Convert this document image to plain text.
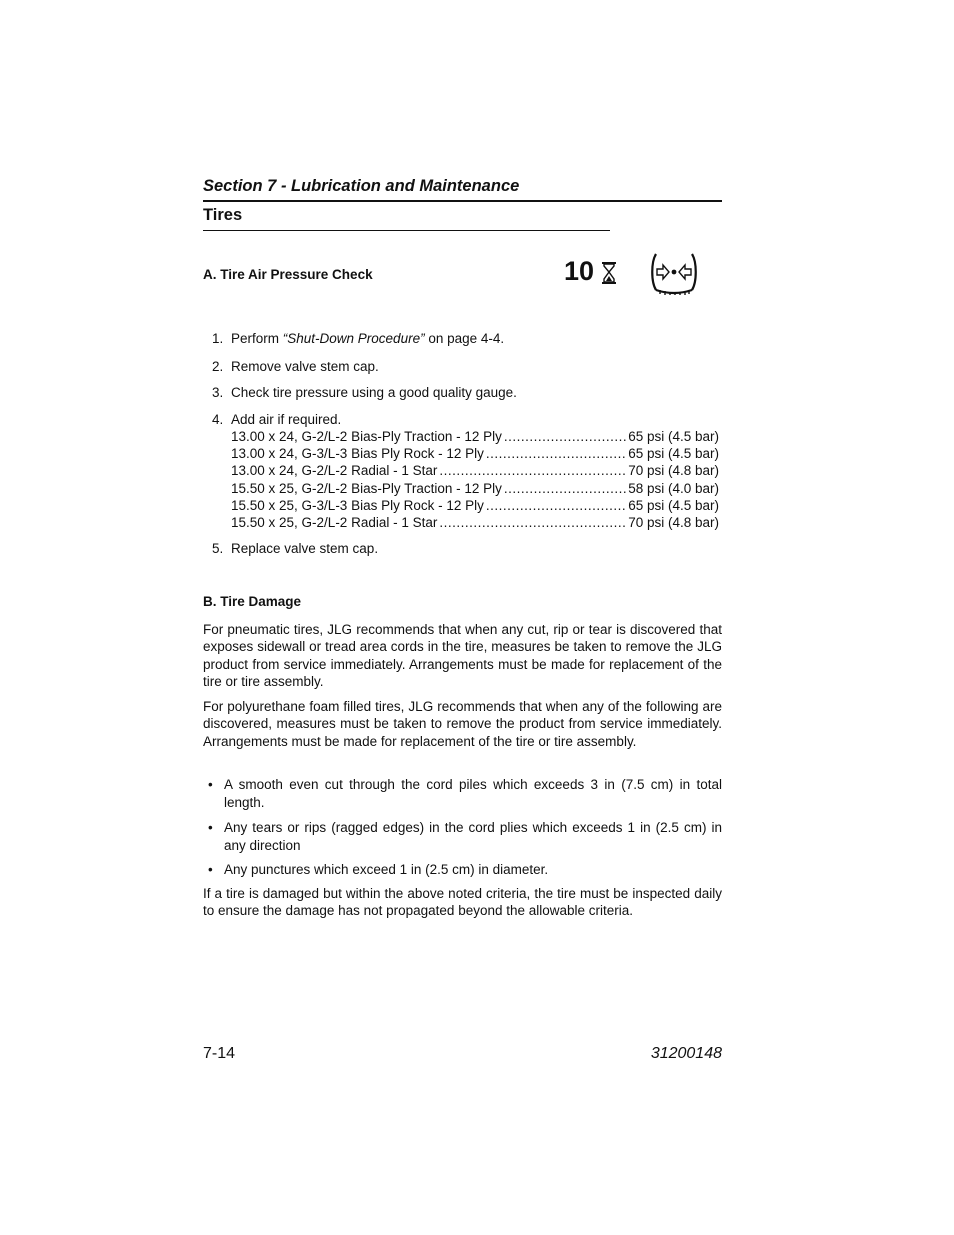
Section 7 - Lubrication and Maintenance
Tires
A. Tire Air Pressure Check	10
1. Perform “Shut-Down Procedure” on page 4-4.
2. Remove valve stem cap.
3. Check tire pressure using a good quality gauge.
4. Add air if required.
5. Replace valve stem cap.
13.00 x 24, G-2/L-2 Bias-Ply Traction - 12 Ply .....	65 psi (4.5 bar)
13.00 x 24, G-3/L-3 Bias Ply Rock - 12 Ply .....	65 psi (4.5 bar)
13.00 x 24, G-2/L-2 Radial - 1 Star .....	70 psi (4.8 bar)
15.50 x 25, G-2/L-2 Bias-Ply Traction - 12 Ply .....	58 psi (4.0 bar)
15.50 x 25, G-3/L-3 Bias Ply Rock - 12 Ply .....	65 psi (4.5 bar)
15.50 x 25, G-2/L-2 Radial - 1 Star .....	70 psi (4.8 bar)
B. Tire Damage

For pneumatic tires, JLG recommends that when any cut, rip or tear is discovered that exposes sidewall or tread area cords in the tire, measures be taken to remove the JLG product from service immediately. Arrangements must be made for replacement of the tire or tire assembly.

For polyurethane foam filled tires, JLG recommends that when any of the following are discovered, measures must be taken to remove the product from service immediately. Arrangements must be made for replacement of the tire or tire assembly.

• A smooth even cut through the cord piles which exceeds 3 in (7.5 cm) in total length.
• Any tears or rips (ragged edges) in the cord plies which exceeds 1 in (2.5 cm) in any direction
• Any punctures which exceed 1 in (2.5 cm) in diameter.

If a tire is damaged but within the above noted criteria, the tire must be inspected daily to ensure the damage has not propagated beyond the allowable criteria.

7-14	31200148
